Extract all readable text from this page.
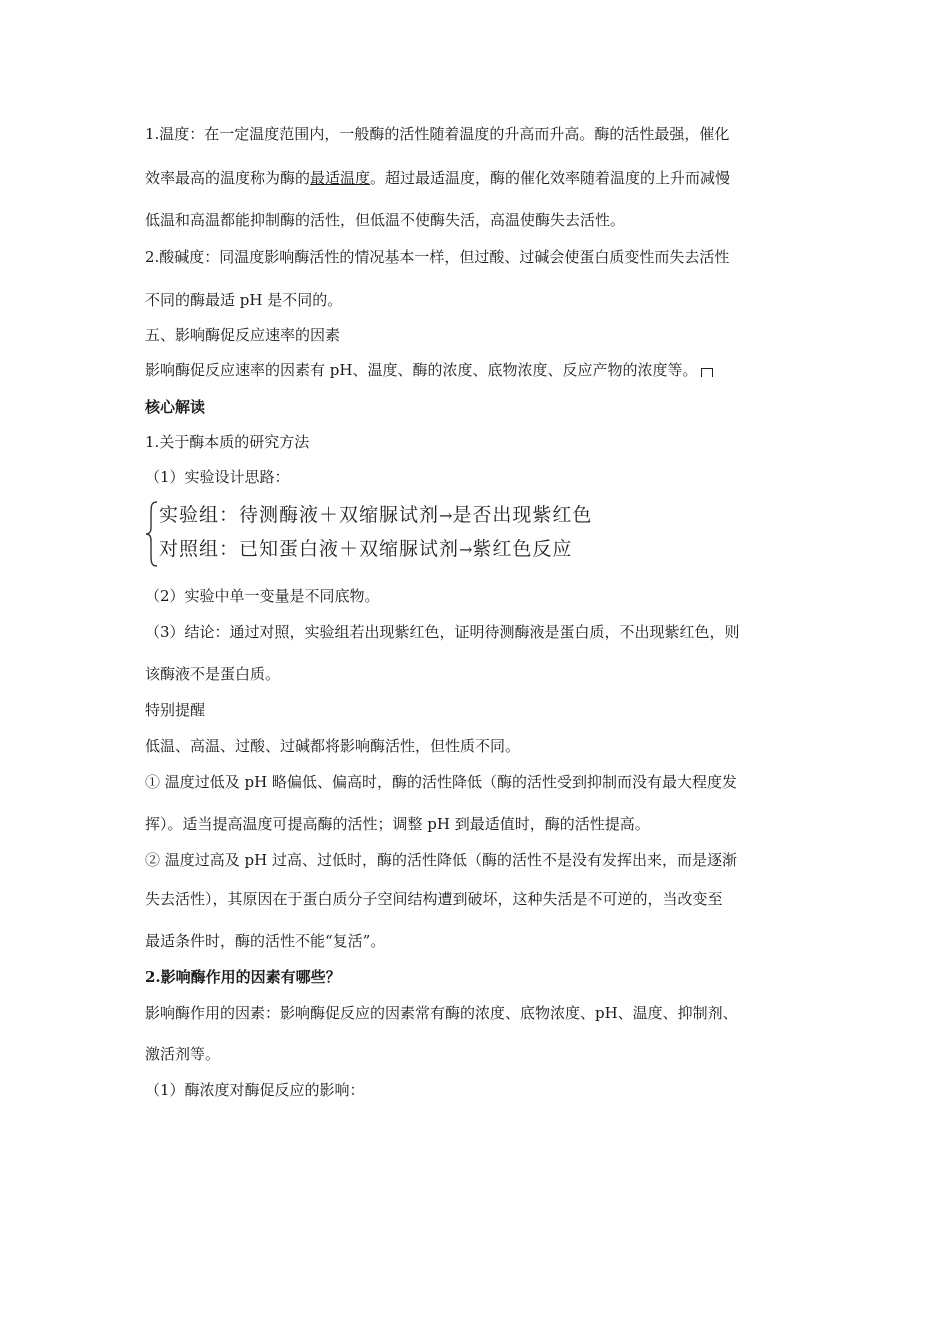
1.温度：在一定温度范围内，一般酶的活性随着温度的升高而升高。酶的活性最强，催化
效率最高的温度称为酶的最适温度。超过最适温度，酶的催化效率随着温度的上升而减慢
低温和高温都能抑制酶的活性，但低温不使酶失活，高温使酶失去活性。
2.酸碱度：同温度影响酶活性的情况基本一样，但过酸、过碱会使蛋白质变性而失去活性
不同的酶最适 pH 是不同的。
五、影响酶促反应速率的因素
影响酶促反应速率的因素有 pH、温度、酶的浓度、底物浓度、反应产物的浓度等。
核心解读
1.关于酶本质的研究方法
（1）实验设计思路：
实验组：待测酶液＋双缩脲试剂→是否出现紫红色
对照组：已知蛋白液＋双缩脲试剂→紫红色反应
（2）实验中单一变量是不同底物。
（3）结论：通过对照，实验组若出现紫红色，证明待测酶液是蛋白质，不出现紫红色，则
该酶液不是蛋白质。
特别提醒
低温、高温、过酸、过碱都将影响酶活性，但性质不同。
① 温度过低及 pH 略偏低、偏高时，酶的活性降低（酶的活性受到抑制而没有最大程度发
挥）。适当提高温度可提高酶的活性；调整 pH 到最适值时，酶的活性提高。
② 温度过高及 pH 过高、过低时，酶的活性降低（酶的活性不是没有发挥出来，而是逐渐
失去活性），其原因在于蛋白质分子空间结构遭到破坏，这种失活是不可逆的，当改变至
最适条件时，酶的活性不能“复活”。
2.影响酶作用的因素有哪些？
影响酶作用的因素：影响酶促反应的因素常有酶的浓度、底物浓度、pH、温度、抑制剂、
激活剂等。
（1）酶浓度对酶促反应的影响：
